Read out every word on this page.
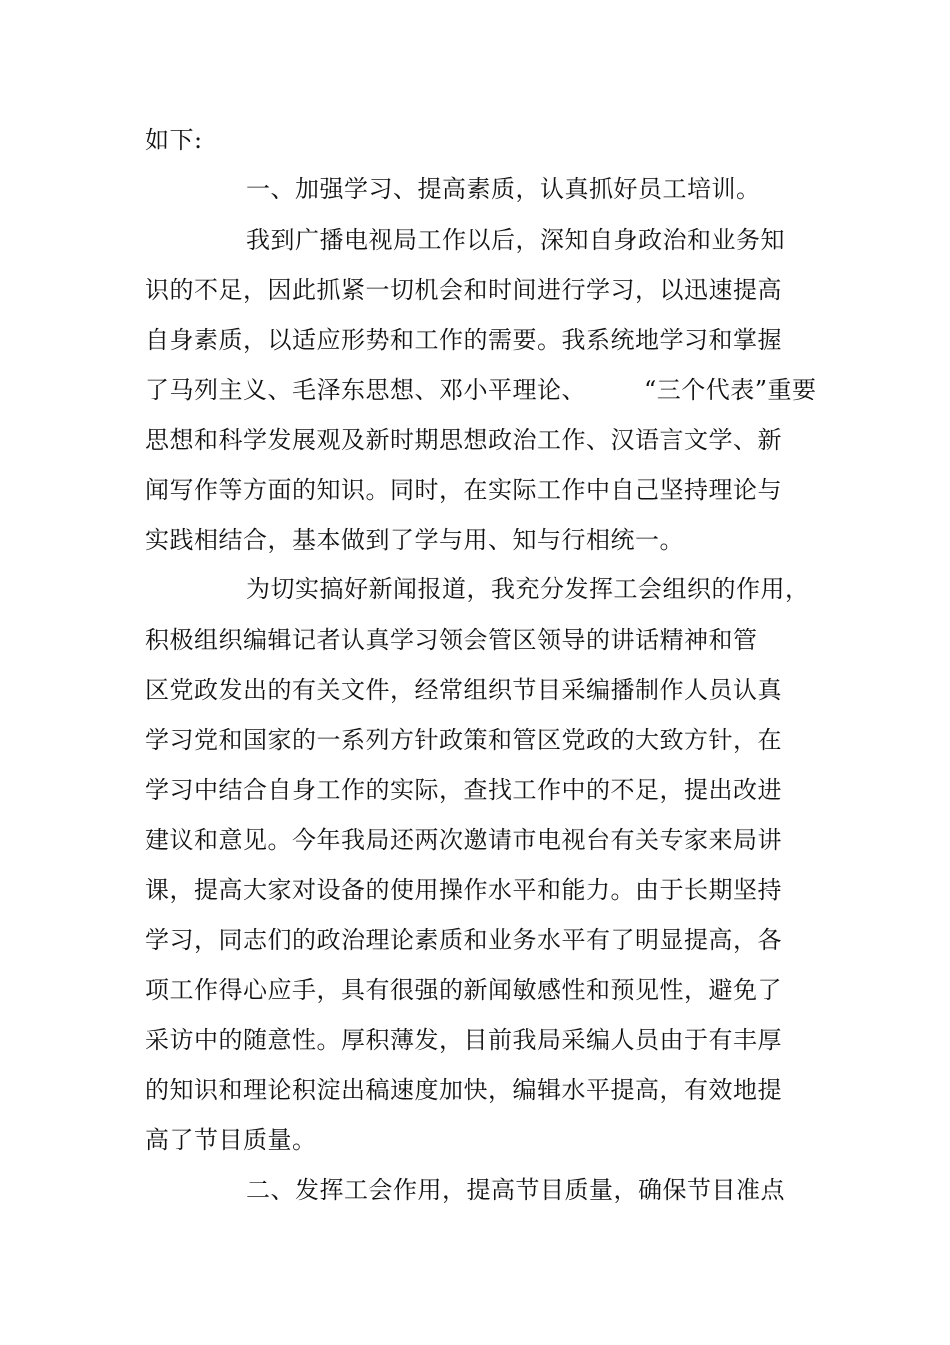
如下:
一、加强学习、提高素质，认真抓好员工培训。
我到广播电视局工作以后，深知自身政治和业务知
识的不足，因此抓紧一切机会和时间进行学习，以迅速提高
自身素质，以适应形势和工作的需要。我系统地学习和掌握
了马列主义、毛泽东思想、邓小平理论、 “三个代表”重要
思想和科学发展观及新时期思想政治工作、汉语言文学、新
闻写作等方面的知识。同时，在实际工作中自己坚持理论与
实践相结合，基本做到了学与用、知与行相统一。
为切实搞好新闻报道，我充分发挥工会组织的作用，
积极组织编辑记者认真学习领会管区领导的讲话精神和管
区党政发出的有关文件，经常组织节目采编播制作人员认真
学习党和国家的一系列方针政策和管区党政的大致方针，在
学习中结合自身工作的实际，查找工作中的不足，提出改进
建议和意见。今年我局还两次邀请市电视台有关专家来局讲
课，提高大家对设备的使用操作水平和能力。由于长期坚持
学习，同志们的政治理论素质和业务水平有了明显提高，各
项工作得心应手，具有很强的新闻敏感性和预见性，避免了
采访中的随意性。厚积薄发，目前我局采编人员由于有丰厚
的知识和理论积淀出稿速度加快，编辑水平提高，有效地提
高了节目质量。
二、发挥工会作用，提高节目质量，确保节目准点
